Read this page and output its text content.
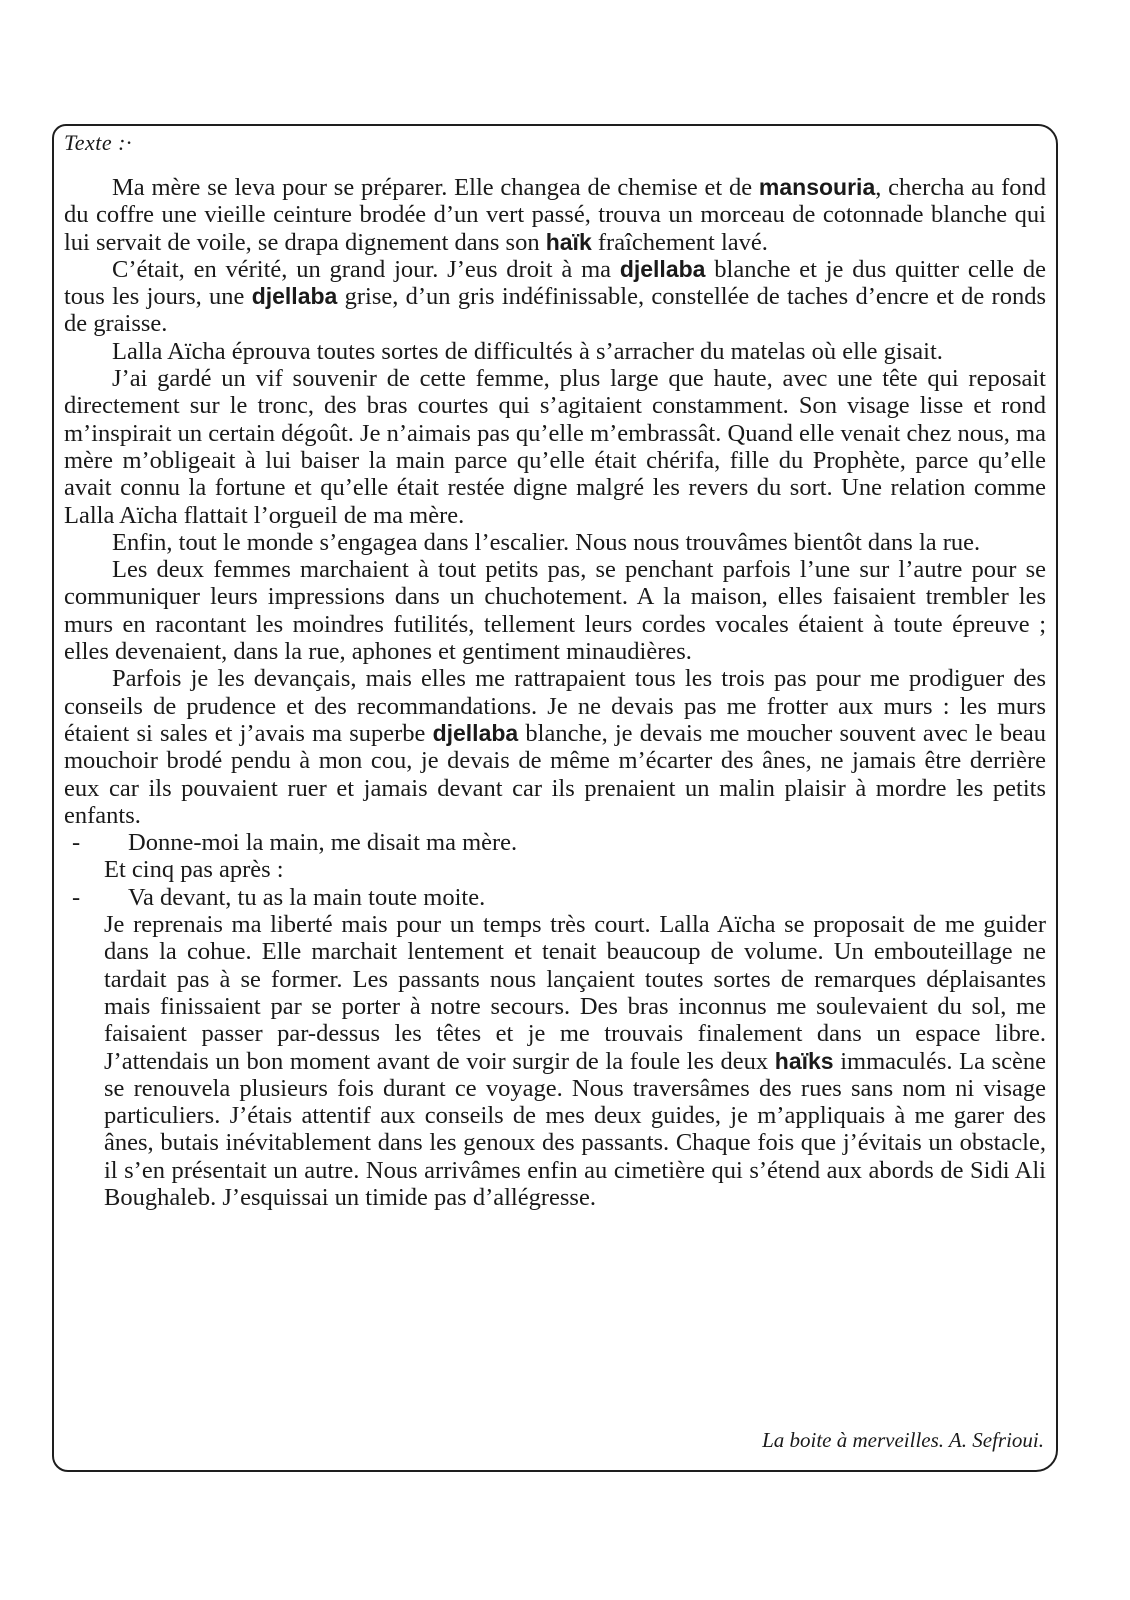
Texte :·

Ma mère se leva pour se préparer. Elle changea de chemise et de mansouria, chercha au fond du coffre une vieille ceinture brodée d’un vert passé, trouva un morceau de cotonnade blanche qui lui servait de voile, se drapa dignement dans son haïk fraîchement lavé.

C’était, en vérité, un grand jour. J’eus droit à ma djellaba blanche et je dus quitter celle de tous les jours, une djellaba grise, d’un gris indéfinissable, constellée de taches d’encre et de ronds de graisse.

Lalla Aïcha éprouva toutes sortes de difficultés à s’arracher du matelas où elle gisait.

J’ai gardé un vif souvenir de cette femme, plus large que haute, avec une tête qui reposait directement sur le tronc, des bras courtes qui s’agitaient constamment. Son visage lisse et rond m’inspirait un certain dégoût. Je n’aimais pas qu’elle m’embrassât. Quand elle venait chez nous, ma mère m’obligeait à lui baiser la main parce qu’elle était chérifa, fille du Prophète, parce qu’elle avait connu la fortune et qu’elle était restée digne malgré les revers du sort. Une relation comme Lalla Aïcha flattait l’orgueil de ma mère.

Enfin, tout le monde s’engagea dans l’escalier. Nous nous trouvâmes bientôt dans la rue.

Les deux femmes marchaient à tout petits pas, se penchant parfois l’une sur l’autre pour se communiquer leurs impressions dans un chuchotement. A la maison, elles faisaient trembler les murs en racontant les moindres futilités, tellement leurs cordes vocales étaient à toute épreuve ; elles devenaient, dans la rue, aphones et gentiment minaudières.

Parfois je les devançais, mais elles me rattrapaient tous les trois pas pour me prodiguer des conseils de prudence et des recommandations. Je ne devais pas me frotter aux murs : les murs étaient si sales et j’avais ma superbe djellaba blanche, je devais me moucher souvent avec le beau mouchoir brodé pendu à mon cou, je devais de même m’écarter des ânes, ne jamais être derrière eux car ils pouvaient ruer et jamais devant car ils prenaient un malin plaisir à mordre les petits enfants.

- Donne-moi la main, me disait ma mère.

Et cinq pas après :

- Va devant, tu as la main toute moite.

Je reprenais ma liberté mais pour un temps très court. Lalla Aïcha se proposait de me guider dans la cohue. Elle marchait lentement et tenait beaucoup de volume. Un embouteillage ne tardait pas à se former. Les passants nous lançaient toutes sortes de remarques déplaisantes mais finissaient par se porter à notre secours. Des bras inconnus me soulevaient du sol, me faisaient passer par-dessus les têtes et je me trouvais finalement dans un espace libre. J’attendais un bon moment avant de voir surgir de la foule les deux haïks immaculés. La scène se renouvela plusieurs fois durant ce voyage. Nous traversâmes des rues sans nom ni visage particuliers. J’étais attentif aux conseils de mes deux guides, je m’appliquais à me garer des ânes, butais inévitablement dans les genoux des passants. Chaque fois que j’évitais un obstacle, il s’en présentait un autre. Nous arrivâmes enfin au cimetière qui s’étend aux abords de Sidi Ali Boughaleb. J’esquissai un timide pas d’allégresse.

La boite à merveilles. A. Sefrioui.
